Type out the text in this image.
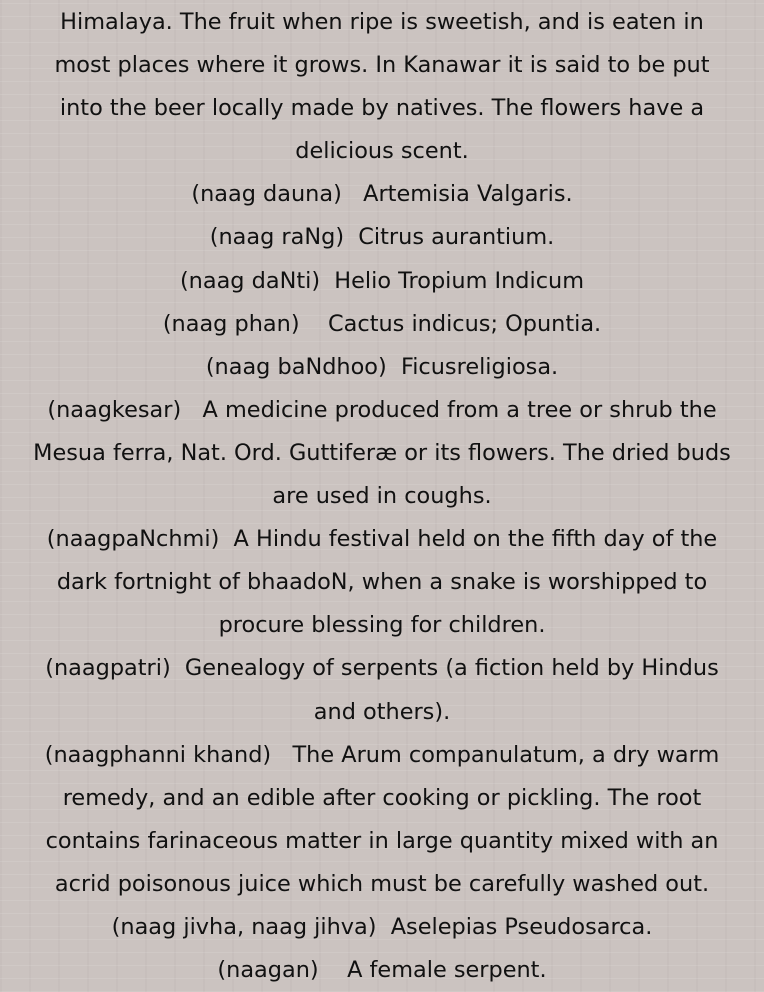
Himalaya. The fruit when ripe is sweetish, and is eaten in
most places where it grows. In Kanawar it is said to be put
into the beer locally made by natives. The flowers have a
delicious scent.
(naag dauna)   Artemisia Valgaris.
(naag raNg)  Citrus aurantium.
(naag daNti)  Helio Tropium Indicum
(naag phan)    Cactus indicus; Opuntia.
(naag baNdhoo)  Ficusreligiosa.
(naagkesar)   A medicine produced from a tree or shrub the
Mesua ferra, Nat. Ord. Guttiferæ or its flowers. The dried buds
are used in coughs.
(naagpaNchmi)  A Hindu festival held on the fifth day of the
dark fortnight of bhaadoN, when a snake is worshipped to
procure blessing for children.
(naagpatri)  Genealogy of serpents (a fiction held by Hindus
and others).
(naagphanni khand)   The Arum companulatum, a dry warm
remedy, and an edible after cooking or pickling. The root
contains farinaceous matter in large quantity mixed with an
acrid poisonous juice which must be carefully washed out.
(naag jivha, naag jihva)  Aselepias Pseudosarca.
(naagan)    A female serpent.
